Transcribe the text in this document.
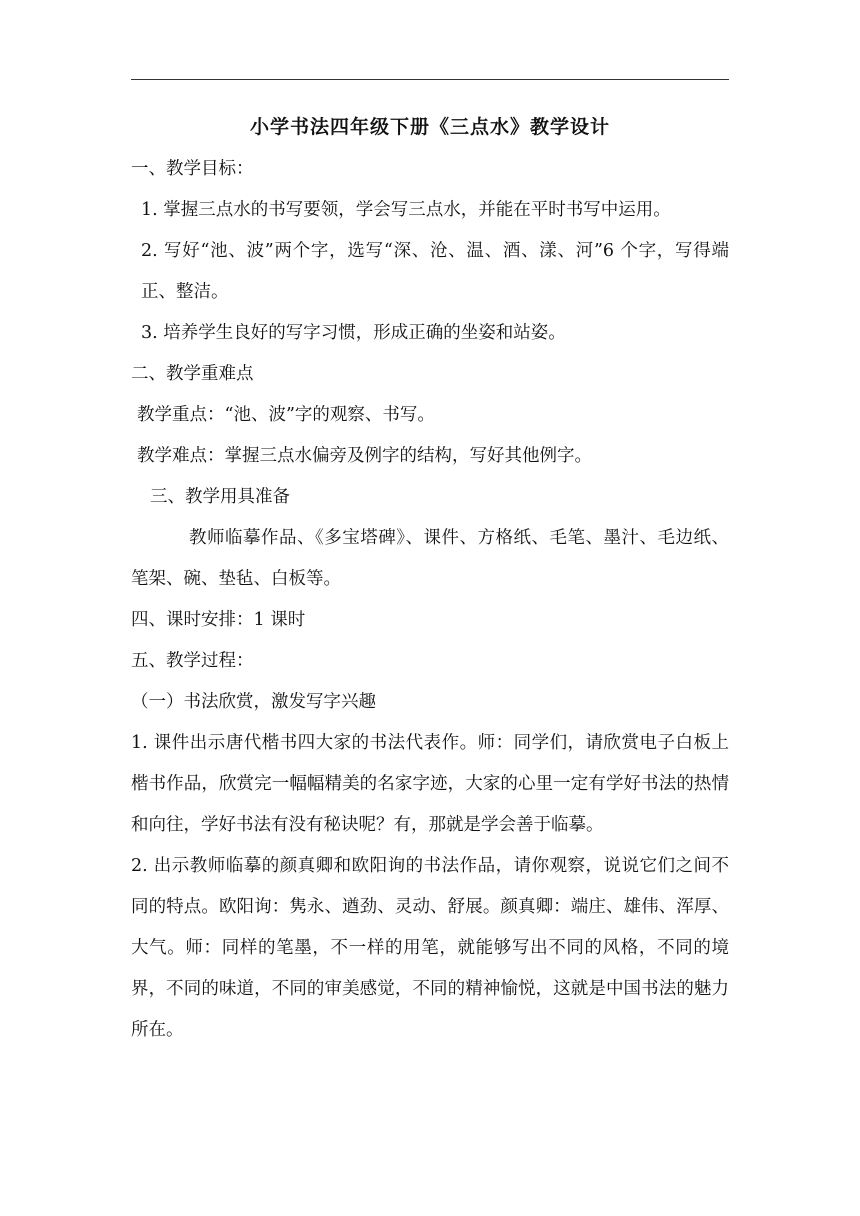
小学书法四年级下册《三点水》教学设计

一、教学目标：

1. 掌握三点水的书写要领，学会写三点水，并能在平时书写中运用。

2. 写好“池、波”两个字，选写“深、沧、温、酒、漾、河”6 个字，写得端正、整洁。

3. 培养学生良好的写字习惯，形成正确的坐姿和站姿。

二、教学重难点

教学重点：“池、波”字的观察、书写。

教学难点：掌握三点水偏旁及例字的结构，写好其他例字。

三、教学用具准备

教师临摹作品、《多宝塔碑》、课件、方格纸、毛笔、墨汁、毛边纸、笔架、碗、垫毡、白板等。

四、课时安排：1 课时

五、教学过程：

（一）书法欣赏，激发写字兴趣

1. 课件出示唐代楷书四大家的书法代表作。师：同学们，请欣赏电子白板上楷书作品，欣赏完一幅幅精美的名家字迹，大家的心里一定有学好书法的热情和向往，学好书法有没有秘诀呢？有，那就是学会善于临摹。

2. 出示教师临摹的颜真卿和欧阳询的书法作品，请你观察，说说它们之间不同的特点。欧阳询：隽永、遒劲、灵动、舒展。颜真卿：端庄、雄伟、浑厚、大气。师：同样的笔墨，不一样的用笔，就能够写出不同的风格，不同的境界，不同的味道，不同的审美感觉，不同的精神愉悦，这就是中国书法的魅力所在。
